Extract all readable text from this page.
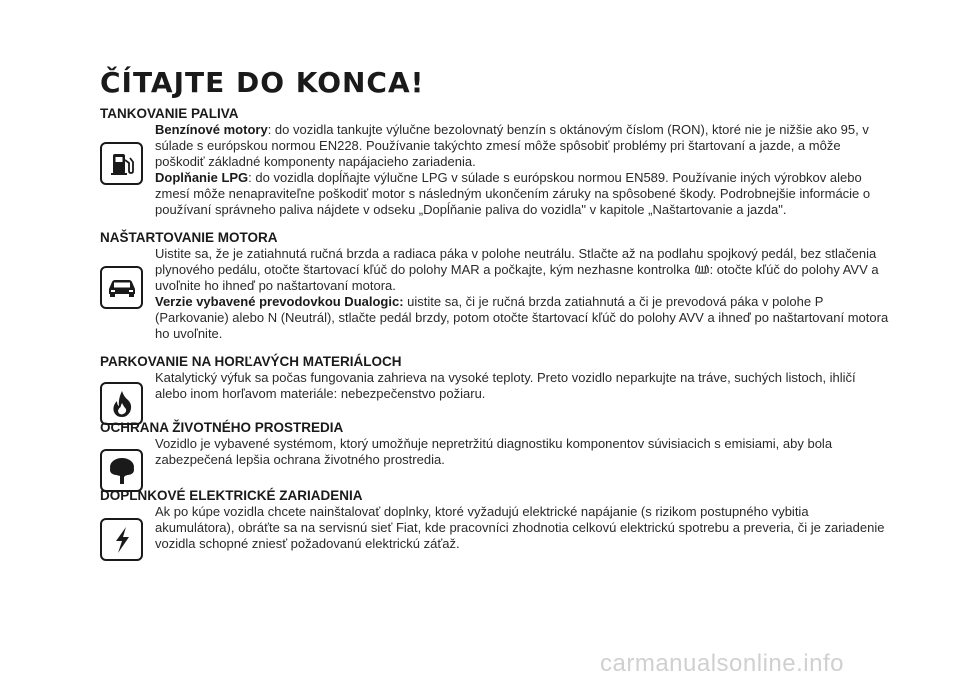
ČÍTAJTE DO KONCA!
TANKOVANIE PALIVA

Benzínové motory: do vozidla tankujte výlučne bezolovnatý benzín s oktánovým číslom (RON), ktoré nie je nižšie ako 95, v súlade s európskou normou EN228. Používanie takýchto zmesí môže spôsobiť problémy pri štartovaní a jazde, a môže poškodiť základné komponenty napájacieho zariadenia.

Doplňanie LPG: do vozidla dopĺňajte výlučne LPG v súlade s európskou normou EN589. Používanie iných výrobkov alebo zmesí môže nenapraviteľne poškodiť motor s následným ukončením záruky na spôsobené škody. Podrobnejšie informácie o používaní správneho paliva nájdete v odseku „Dopĺňanie paliva do vozidla" v kapitole „Naštartovanie a jazda".

NAŠTARTOVANIE MOTORA

Uistite sa, že je zatiahnutá ručná brzda a radiaca páka v polohe neutrálu. Stlačte až na podlahu spojkový pedál, bez stlačenia plynového pedálu, otočte štartovací kľúč do polohy MAR a počkajte, kým nezhasne kontrolka : otočte kľúč do polohy AVV a uvoľnite ho ihneď po naštartovaní motora.

Verzie vybavené prevodovkou Dualogic: uistite sa, či je ručná brzda zatiahnutá a či je prevodová páka v polohe P (Parkovanie) alebo N (Neutrál), stlačte pedál brzdy, potom otočte štartovací kľúč do polohy AVV a ihneď po naštartovaní motora ho uvoľnite.

PARKOVANIE NA HORĽAVÝCH MATERIÁLOCH

Katalytický výfuk sa počas fungovania zahrieva na vysoké teploty. Preto vozidlo neparkujte na tráve, suchých listoch, ihličí alebo inom horľavom materiále: nebezpečenstvo požiaru.

OCHRANA ŽIVOTNÉHO PROSTREDIA

Vozidlo je vybavené systémom, ktorý umožňuje nepretržitú diagnostiku komponentov súvisiacich s emisiami, aby bola zabezpečená lepšia ochrana životného prostredia.

DOPLNKOVÉ ELEKTRICKÉ ZARIADENIA

Ak po kúpe vozidla chcete nainštalovať doplnky, ktoré vyžadujú elektrické napájanie (s rizikom postupného vybitia akumulátora), obráťte sa na servisnú sieť Fiat, kde pracovníci zhodnotia celkovú elektrickú spotrebu a preveria, či je zariadenie vozidla schopné zniesť požadovanú elektrickú záťaž.

carmanualsonline.info
